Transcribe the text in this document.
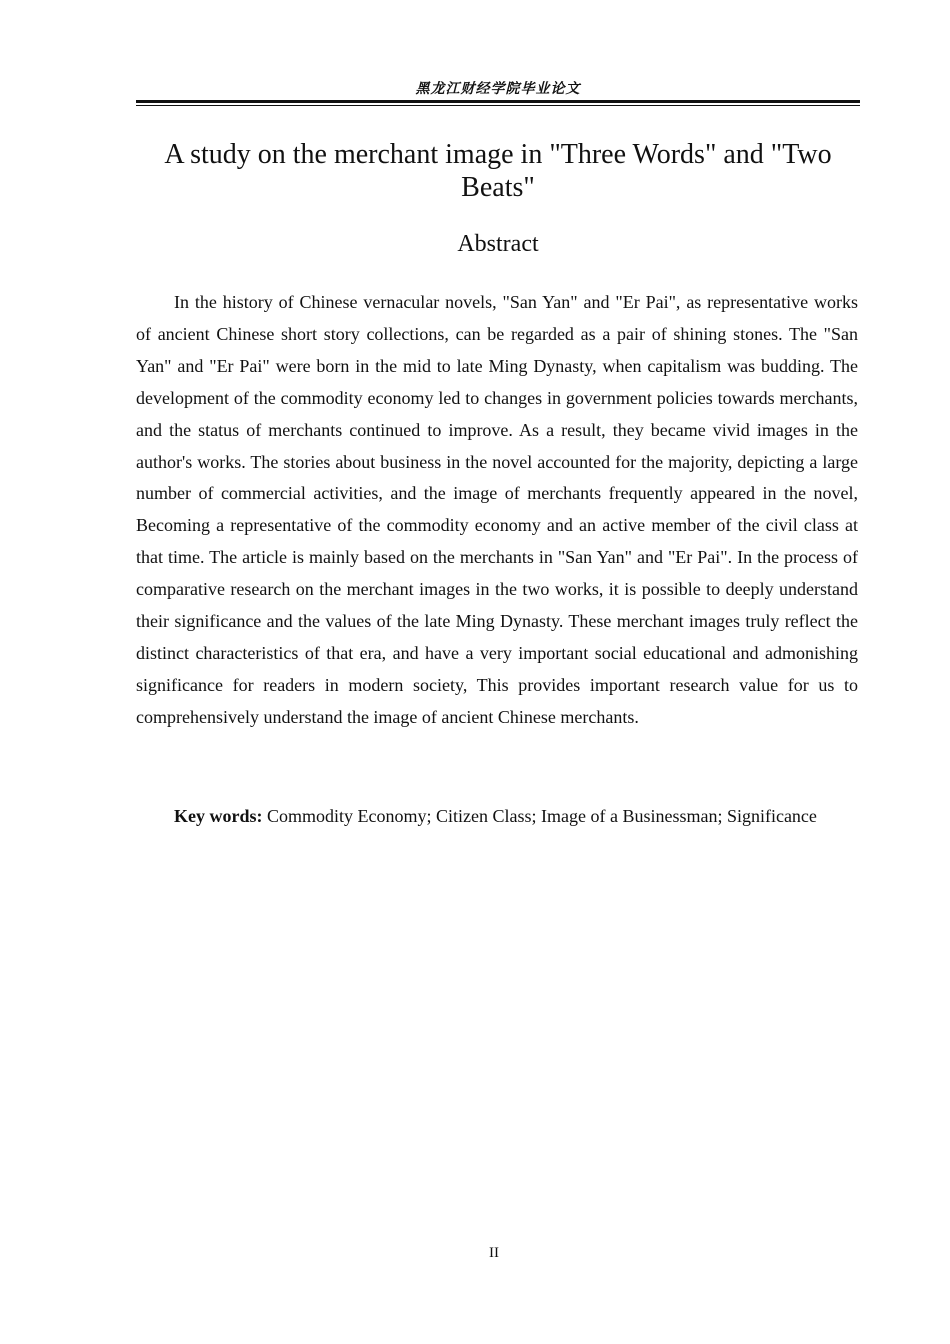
黑龙江财经学院毕业论文
A study on the merchant image in "Three Words" and "Two Beats"
Abstract

In the history of Chinese vernacular novels, "San Yan" and "Er Pai", as representative works of ancient Chinese short story collections, can be regarded as a pair of shining stones. The "San Yan" and "Er Pai" were born in the mid to late Ming Dynasty, when capitalism was budding. The development of the commodity economy led to changes in government policies towards merchants, and the status of merchants continued to improve. As a result, they became vivid images in the author's works. The stories about business in the novel accounted for the majority, depicting a large number of commercial activities, and the image of merchants frequently appeared in the novel, Becoming a representative of the commodity economy and an active member of the civil class at that time. The article is mainly based on the merchants in "San Yan" and "Er Pai". In the process of comparative research on the merchant images in the two works, it is possible to deeply understand their significance and the values of the late Ming Dynasty. These merchant images truly reflect the distinct characteristics of that era, and have a very important social educational and admonishing significance for readers in modern society, This provides important research value for us to comprehensively understand the image of ancient Chinese merchants.

Key words: Commodity Economy; Citizen Class; Image of a Businessman; Significance

II
